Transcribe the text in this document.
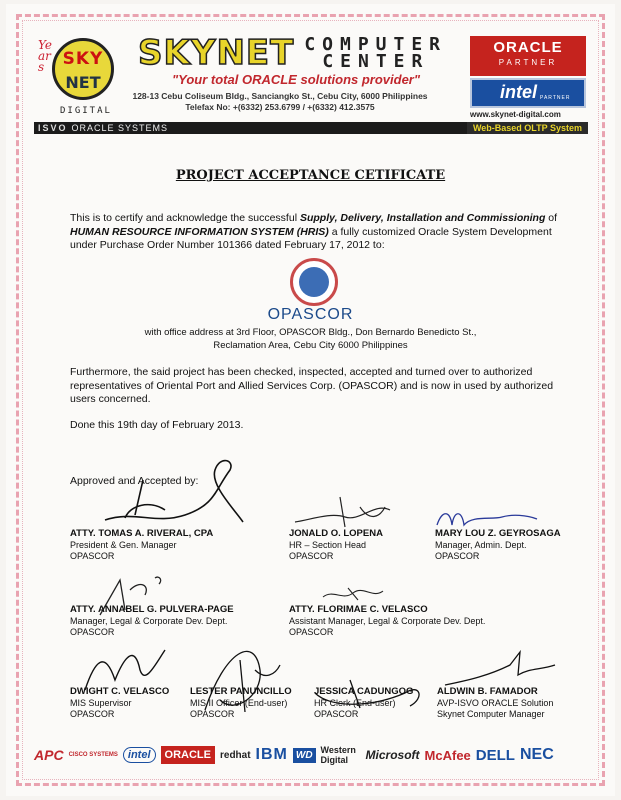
Years	SKY
NET
DIGITAL
SKYNET COMPUTER
CENTER
"Your total ORACLE solutions provider"
128-13 Cebu Coliseum Bldg., Sanciangko St., Cebu City, 6000 Philippines
Telefax No: +(6332) 253.6799 / +(6332) 412.3575
ORACLE
PARTNER
intel PARTNER
www.skynet-digital.com
ISVO ORACLE SYSTEMS	Web-Based OLTP System
PROJECT ACCEPTANCE CETIFICATE
This is to certify and acknowledge the successful Supply, Delivery, Installation and Commissioning of HUMAN RESOURCE INFORMATION SYSTEM (HRIS) a fully customized Oracle System Development under Purchase Order Number 101366 dated February 17, 2012 to:
OPASCOR
with office address at 3rd Floor, OPASCOR Bldg., Don Bernardo Benedicto St.,
Reclamation Area, Cebu City 6000 Philippines
Furthermore, the said project has been checked, inspected, accepted and turned over to authorized representatives of Oriental Port and Allied Services Corp. (OPASCOR) and is now in used by authorized users concerned.
Done this 19th day of February 2013.
Approved and Accepted by:
ATTY. TOMAS A. RIVERAL, CPA
President & Gen. Manager
OPASCOR
JONALD O. LOPENA
HR – Section Head
OPASCOR
MARY LOU Z. GEYROSAGA
Manager, Admin. Dept.
OPASCOR
ATTY. ANNABEL G. PULVERA-PAGE
Manager, Legal & Corporate Dev. Dept.
OPASCOR
ATTY. FLORIMAE C. VELASCO
Assistant Manager, Legal & Corporate Dev. Dept.
OPASCOR
DWIGHT C. VELASCO
MIS Supervisor
OPASCOR
LESTER PANUNCILLO
MIS II Officer (End-user)
OPASCOR
JESSICA CADUNGOG
HR Clerk (End-user)
OPASCOR
ALDWIN B. FAMADOR
AVP-ISVO ORACLE Solution
Skynet Computer Manager
APC CISCO SYSTEMS intel	ORACLE redhat IBM WD Western Digital	Microsoft McAfee DELL NEC
